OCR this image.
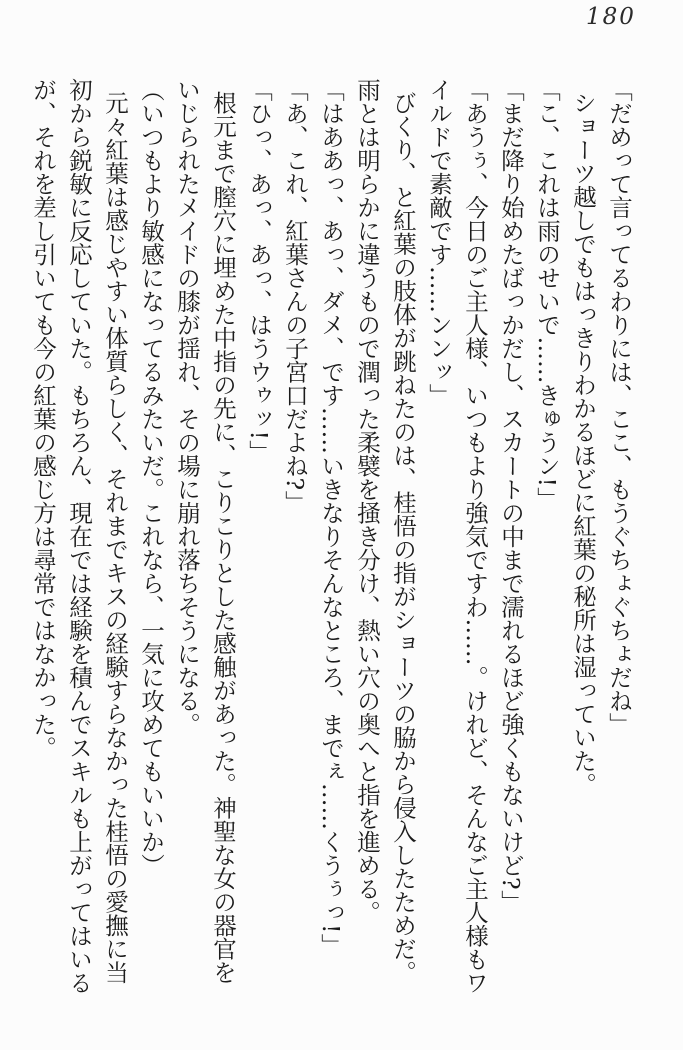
180

「だめって言ってるわりには、ここ、もうぐちょぐちょだね」

ショーツ越しでもはっきりわかるほどに紅葉の秘所は湿っていた。

「こ、これは雨のせいで……きゅうン!」

「まだ降り始めたばっかだし、スカートの中まで濡れるほど強くもないけど?」

「あうぅ、今日のご主人様、いつもより強気ですわ……。けれど、そんなご主人様もワイルドで素敵です……ンンッ」

びくり、と紅葉の肢体が跳ねたのは、桂悟の指がショーツの脇から侵入したためだ。雨とは明らかに違うもので潤った柔襞を掻き分け、熱い穴の奥へと指を進める。

「はああっ、あっ、ダメ、です……いきなりそんなところ、までぇ……くうぅっ!」

「あ、これ、紅葉さんの子宮口だよね?」

「ひっ、あっ、あっ、はうウゥッ!」

根元まで膣穴に埋めた中指の先に、こりこりとした感触があった。神聖な女の器官をいじられたメイドの膝が揺れ、その場に崩れ落ちそうになる。

（いつもより敏感になってるみたいだ。これなら、一気に攻めてもいいか）

元々紅葉は感じやすい体質らしく、それまでキスの経験すらなかった桂悟の愛撫に当初から鋭敏に反応していた。もちろん、現在では経験を積んでスキルも上がってはいるが、それを差し引いても今の紅葉の感じ方は尋常ではなかった。
